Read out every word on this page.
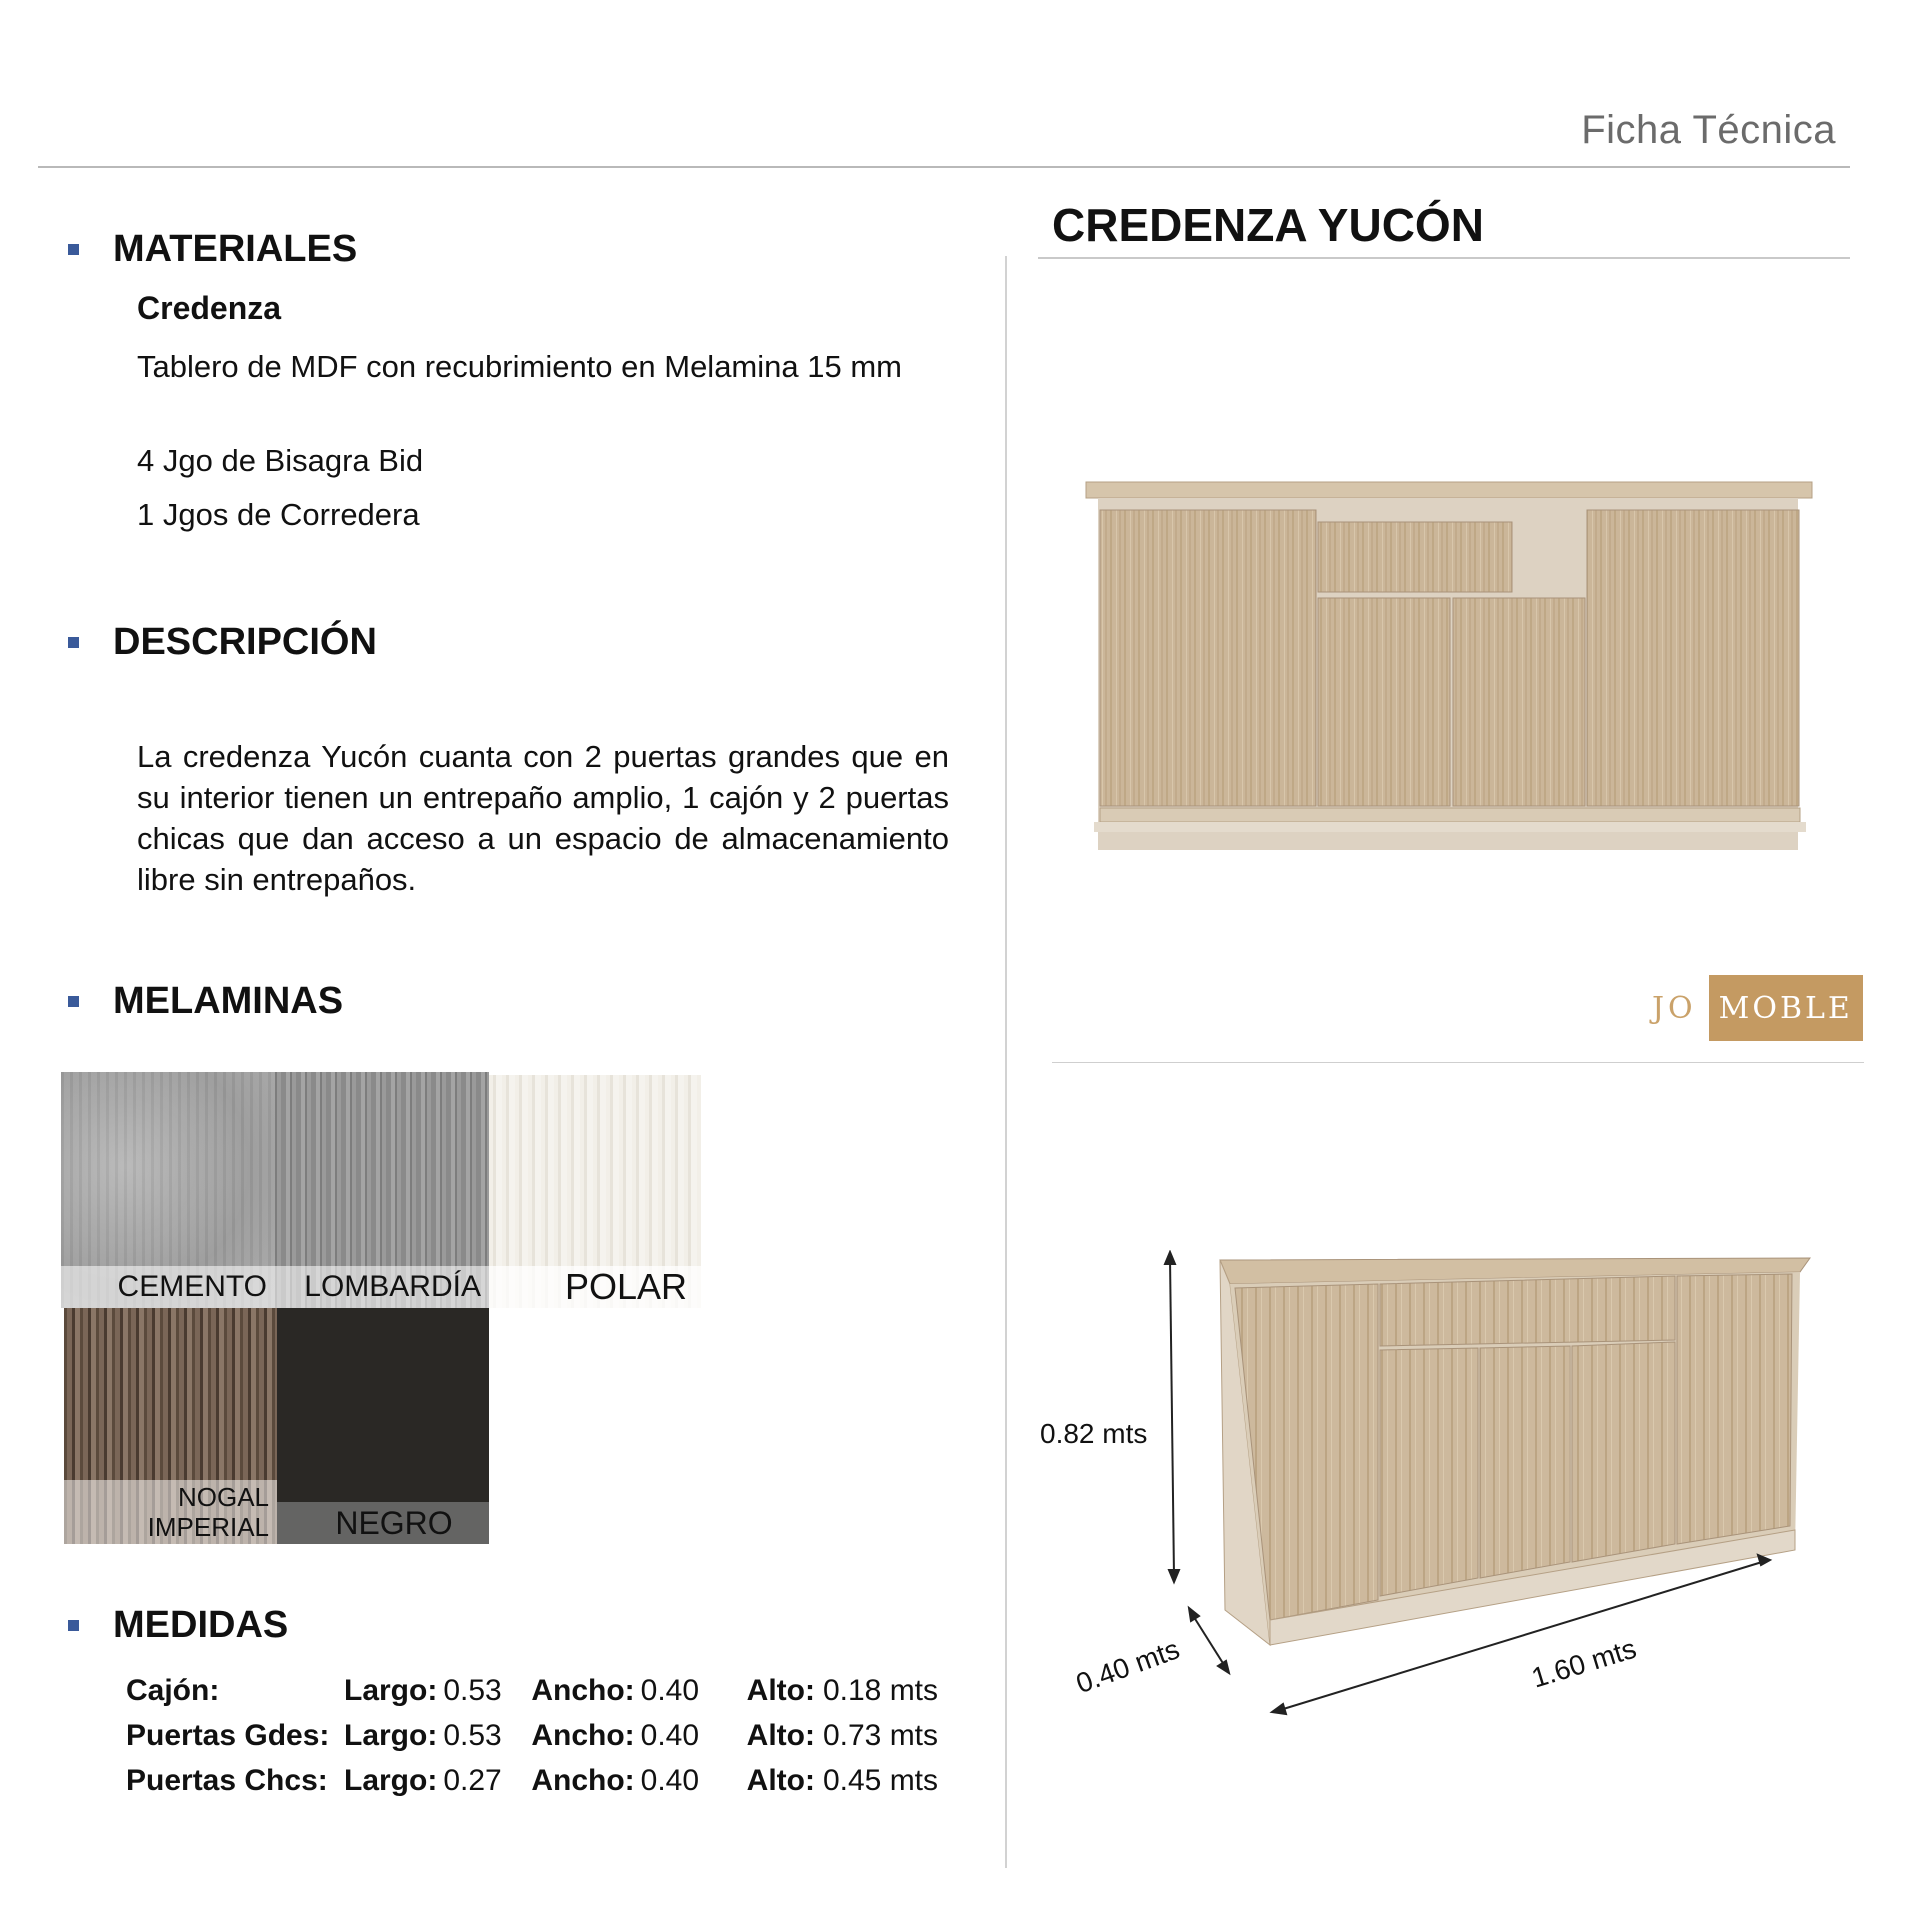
Ficha Técnica
MATERIALES
Credenza
Tablero de MDF con recubrimiento en Melamina 15 mm
4 Jgo de Bisagra Bid
1 Jgos de Corredera
DESCRIPCIÓN
La credenza Yucón cuanta con 2 puertas grandes que en su interior tienen un entrepaño amplio, 1 cajón y 2 puertas chicas que dan acceso a un espacio de almacenamiento libre sin entrepaños.
MELAMINAS
CEMENTO	LOMBARDÍA	POLAR
NOGAL
IMPERIAL	NEGRO
MEDIDAS
Cajón:	Largo: 0.53 Ancho: 0.40	Alto: 0.18 mts
Puertas Gdes: Largo: 0.53 Ancho: 0.40	Alto: 0.73 mts
Puertas Chcs: Largo: 0.27 Ancho: 0.40	Alto: 0.45 mts
CREDENZA YUCÓN
JO MOBLE
0.82 mts
0.40 mts	1.60 mts
